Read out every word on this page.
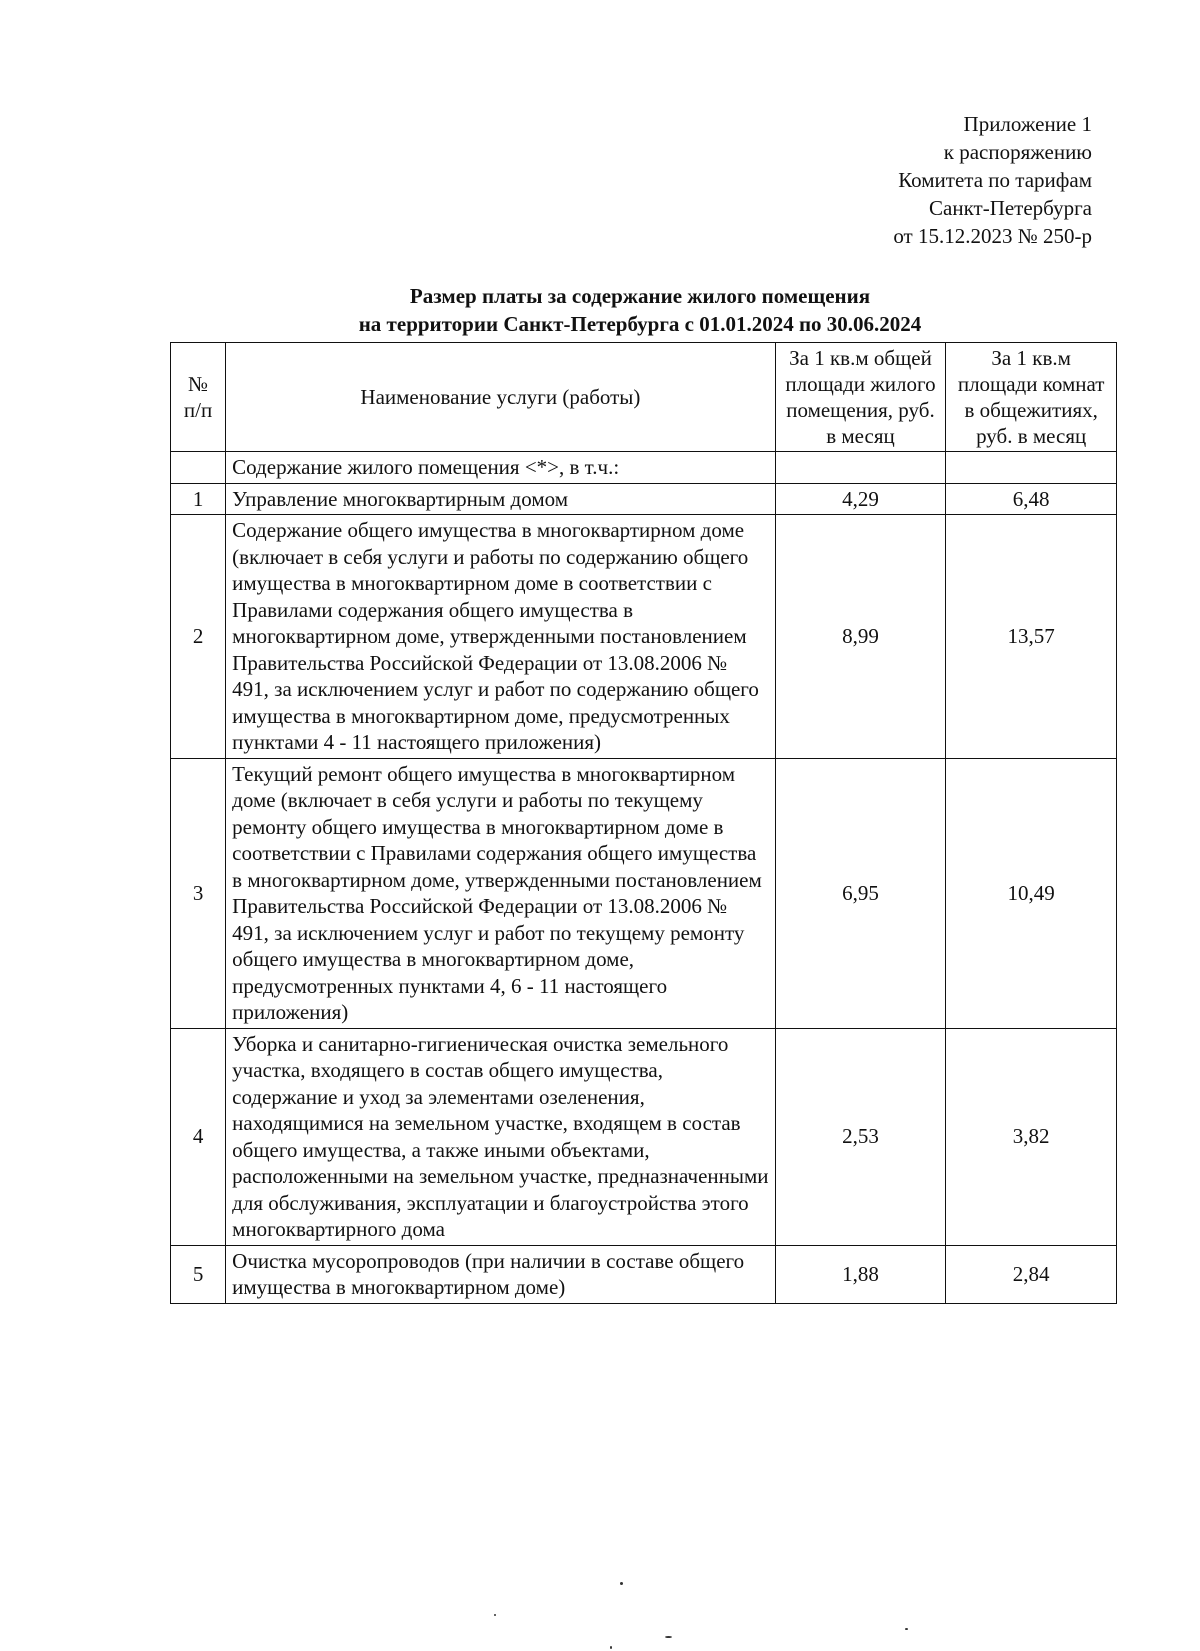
Приложение 1
к распоряжению
Комитета по тарифам
Санкт-Петербурга
от 15.12.2023 № 250-р
Размер платы за содержание жилого помещения
на территории Санкт-Петербурга с 01.01.2024 по 30.06.2024
№ п/п	Наименование услуги (работы)	За 1 кв.м общей площади жилого помещения, руб. в месяц	За 1 кв.м площади комнат в общежитиях, руб. в месяц
	Содержание жилого помещения <*>, в т.ч.:		
1	Управление многоквартирным домом	4,29	6,48
2	Содержание общего имущества в многоквартирном доме (включает в себя услуги и работы по содержанию общего имущества в многоквартирном доме в соответствии с Правилами содержания общего имущества в многоквартирном доме, утвержденными постановлением Правительства Российской Федерации от 13.08.2006 № 491, за исключением услуг и работ по содержанию общего имущества в многоквартирном доме, предусмотренных пунктами 4 - 11 настоящего приложения)	8,99	13,57
3	Текущий ремонт общего имущества в многоквартирном доме (включает в себя услуги и работы по текущему ремонту общего имущества в многоквартирном доме в соответствии с Правилами содержания общего имущества в многоквартирном доме, утвержденными постановлением Правительства Российской Федерации от 13.08.2006 № 491, за исключением услуг и работ по текущему ремонту общего имущества в многоквартирном доме, предусмотренных пунктами 4, 6 - 11 настоящего приложения)	6,95	10,49
4	Уборка и санитарно-гигиеническая очистка земельного участка, входящего в состав общего имущества, содержание и уход за элементами озеленения, находящимися на земельном участке, входящем в состав общего имущества, а также иными объектами, расположенными на земельном участке, предназначенными для обслуживания, эксплуатации и благоустройства этого многоквартирного дома	2,53	3,82
5	Очистка мусоропроводов (при наличии в составе общего имущества в многоквартирном доме)	1,88	2,84
